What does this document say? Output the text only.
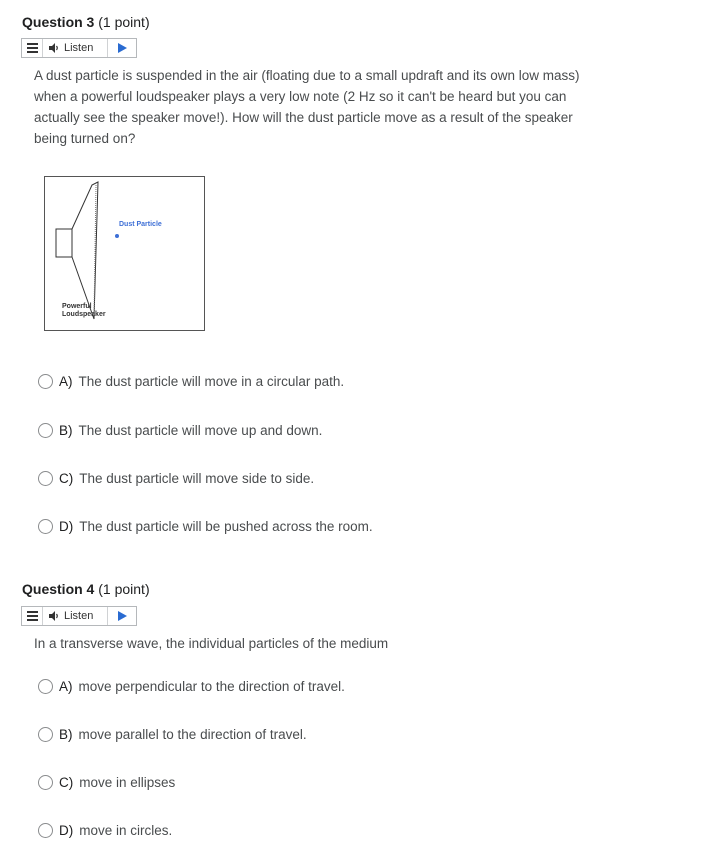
Question 3 (1 point)
Listen
A dust particle is suspended in the air (floating due to a small updraft and its own low mass) when a powerful loudspeaker plays a very low note (2 Hz so it can't be heard but you can actually see the speaker move!). How will the dust particle move as a result of the speaker being turned on?
Dust Particle
Powerful
Loudspeaker
A) The dust particle will move in a circular path.
B) The dust particle will move up and down.
C) The dust particle will move side to side.
D) The dust particle will be pushed across the room.
Question 4 (1 point)
Listen
In a transverse wave, the individual particles of the medium
A) move perpendicular to the direction of travel.
B) move parallel to the direction of travel.
C) move in ellipses
D) move in circles.
